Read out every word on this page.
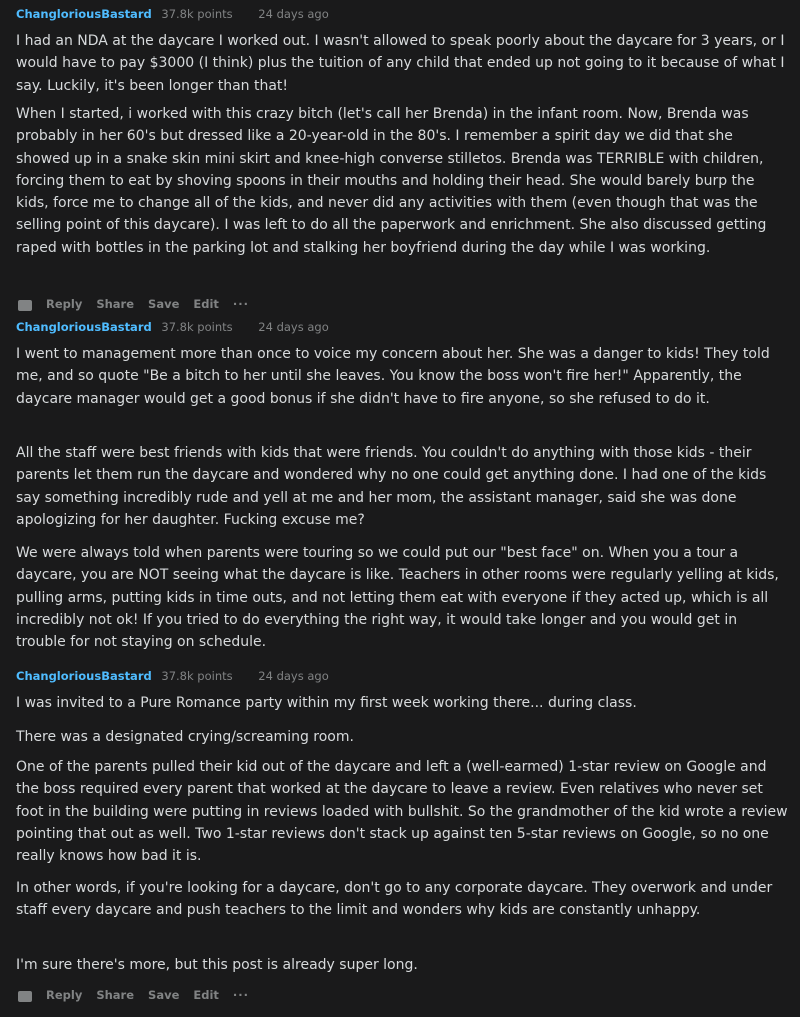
ChangloriousBastard 37.8k points 24 days ago

I had an NDA at the daycare I worked out. I wasn't allowed to speak poorly about the daycare for 3 years, or I would have to pay $3000 (I think) plus the tuition of any child that ended up not going to it because of what I say. Luckily, it's been longer than that!

When I started, i worked with this crazy bitch (let's call her Brenda) in the infant room. Now, Brenda was probably in her 60's but dressed like a 20-year-old in the 80's. I remember a spirit day we did that she showed up in a snake skin mini skirt and knee-high converse stilletos. Brenda was TERRIBLE with children, forcing them to eat by shoving spoons in their mouths and holding their head. She would barely burp the kids, force me to change all of the kids, and never did any activities with them (even though that was the selling point of this daycare). I was left to do all the paperwork and enrichment. She also discussed getting raped with bottles in the parking lot and stalking her boyfriend during the day while I was working.

Reply Share Save Edit ···
ChangloriousBastard 37.8k points 24 days ago

I went to management more than once to voice my concern about her. She was a danger to kids! They told me, and so quote "Be a bitch to her until she leaves. You know the boss won't fire her!" Apparently, the daycare manager would get a good bonus if she didn't have to fire anyone, so she refused to do it.

All the staff were best friends with kids that were friends. You couldn't do anything with those kids - their parents let them run the daycare and wondered why no one could get anything done. I had one of the kids say something incredibly rude and yell at me and her mom, the assistant manager, said she was done apologizing for her daughter. Fucking excuse me?

We were always told when parents were touring so we could put our "best face" on. When you a tour a daycare, you are NOT seeing what the daycare is like. Teachers in other rooms were regularly yelling at kids, pulling arms, putting kids in time outs, and not letting them eat with everyone if they acted up, which is all incredibly not ok! If you tried to do everything the right way, it would take longer and you would get in trouble for not staying on schedule.

ChangloriousBastard 37.8k points 24 days ago

I was invited to a Pure Romance party within my first week working there... during class.

There was a designated crying/screaming room.

One of the parents pulled their kid out of the daycare and left a (well-earmed) 1-star review on Google and the boss required every parent that worked at the daycare to leave a review. Even relatives who never set foot in the building were putting in reviews loaded with bullshit. So the grandmother of the kid wrote a review pointing that out as well. Two 1-star reviews don't stack up against ten 5-star reviews on Google, so no one really knows how bad it is.

In other words, if you're looking for a daycare, don't go to any corporate daycare. They overwork and under staff every daycare and push teachers to the limit and wonders why kids are constantly unhappy.

I'm sure there's more, but this post is already super long.

Reply Share Save Edit ···
